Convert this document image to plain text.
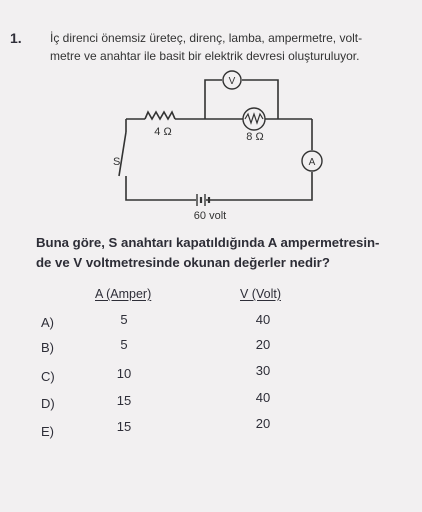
1. İç direnci önemsiz üreteç, direnç, lamba, ampermetre, volt-
metre ve anahtar ile basit bir elektrik devresi oluşturuluyor.
V
A
4 Ω	8 Ω
S
60 volt
Buna göre, S anahtarı kapatıldığında A ampermetresin-
de ve V voltmetresinde okunan değerler nedir?
A (Amper)	V (Volt)
A)	5	40
B)	5	20
C)	10	30
D)	15	40
E)	15	20
